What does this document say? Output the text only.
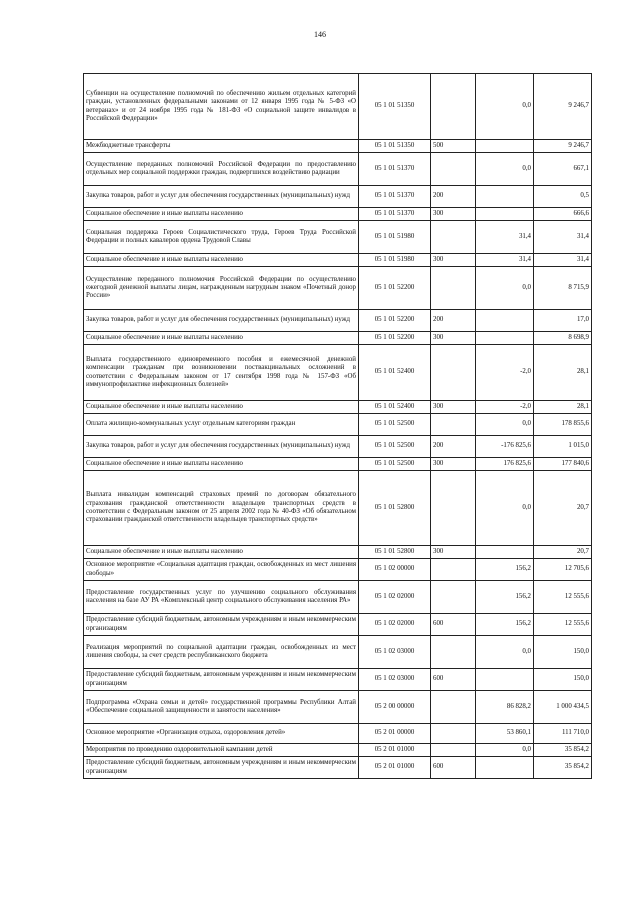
146
Субвенции на осуществление полномочий по обеспечению жильем отдельных категорий граждан, установленных федеральными законами от 12 января 1995 года № 5-ФЗ «О ветеранах» и от 24 ноября 1995 года № 181-ФЗ «О социальной защите инвалидов в Российской Федерации»	05 1 01 51350		0,0	9 246,7
Межбюджетные трансферты	05 1 01 51350	500		9 246,7
Осуществление переданных полномочий Российской Федерации по предоставлению отдельных мер социальной поддержки граждан, подвергшихся воздействию радиации	05 1 01 51370		0,0	667,1
Закупка товаров, работ и услуг для обеспечения государственных (муниципальных) нужд	05 1 01 51370	200		0,5
Социальное обеспечение и иные выплаты населению	05 1 01 51370	300		666,6
Социальная поддержка Героев Социалистического труда, Героев Труда Российской Федерации и полных кавалеров ордена Трудовой Славы	05 1 01 51980		31,4	31,4
Социальное обеспечение и иные выплаты населению	05 1 01 51980	300	31,4	31,4
Осуществление переданного полномочия Российской Федерации по осуществлению ежегодной денежной выплаты лицам, награжденным нагрудным знаком «Почетный донор России»	05 1 01 52200		0,0	8 715,9
Закупка товаров, работ и услуг для обеспечения государственных (муниципальных) нужд	05 1 01 52200	200		17,0
Социальное обеспечение и иные выплаты населению	05 1 01 52200	300		8 698,9
Выплата государственного единовременного пособия и ежемесячной денежной компенсации гражданам при возникновении поствакцинальных осложнений в соответствии с Федеральным законом от 17 сентября 1998 года № 157-ФЗ «Об иммунопрофилактике инфекционных болезней»	05 1 01 52400		-2,0	28,1
Социальное обеспечение и иные выплаты населению	05 1 01 52400	300	-2,0	28,1
Оплата жилищно-коммунальных услуг отдельным категориям граждан	05 1 01 52500		0,0	178 855,6
Закупка товаров, работ и услуг для обеспечения государственных (муниципальных) нужд	05 1 01 52500	200	-176 825,6	1 015,0
Социальное обеспечение и иные выплаты населению	05 1 01 52500	300	176 825,6	177 840,6
Выплата инвалидам компенсаций страховых премий по договорам обязательного страхования гражданской ответственности владельцев транспортных средств в соответствии с Федеральным законом от 25 апреля 2002 года № 40-ФЗ «Об обязательном страховании гражданской ответственности владельцев транспортных средств»	05 1 01 52800		0,0	20,7
Социальное обеспечение и иные выплаты населению	05 1 01 52800	300		20,7
Основное мероприятие «Социальная адаптация граждан, освобожденных из мест лишения свободы»	05 1 02 00000		156,2	12 705,6
Предоставление государственных услуг по улучшению социального обслуживания населения на базе АУ РА «Комплексный центр социального обслуживания населения РА»	05 1 02 02000		156,2	12 555,6
Предоставление субсидий бюджетным, автономным учреждениям и иным некоммерческим организациям	05 1 02 02000	600	156,2	12 555,6
Реализация мероприятий по социальной адаптации граждан, освобожденных из мест лишения свободы, за счет средств республиканского бюджета	05 1 02 03000		0,0	150,0
Предоставление субсидий бюджетным, автономным учреждениям и иным некоммерческим организациям	05 1 02 03000	600		150,0
Подпрограмма «Охрана семьи и детей» государственной программы Республики Алтай «Обеспечение социальной защищенности и занятости населения»	05 2 00 00000		86 828,2	1 000 434,5
Основное мероприятие «Организация отдыха, оздоровления детей»	05 2 01 00000		53 860,1	111 710,0
Мероприятия по проведению оздоровительной кампании детей	05 2 01 01000		0,0	35 854,2
Предоставление субсидий бюджетным, автономным учреждениям и иным некоммерческим организациям	05 2 01 01000	600		35 854,2
